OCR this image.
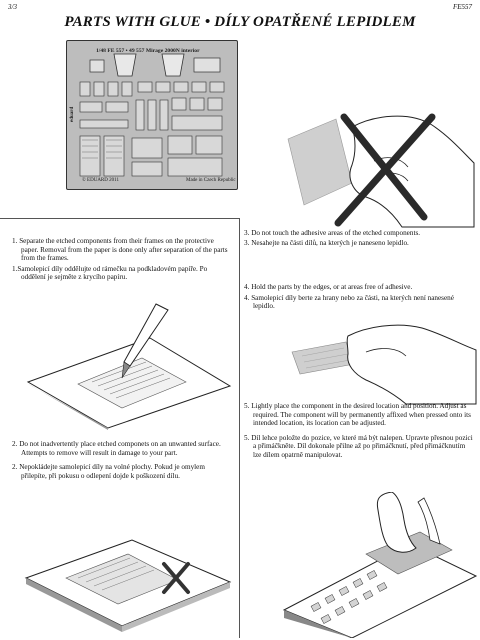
3/3	FE557
PARTS WITH GLUE • DÍLY OPATŘENÉ LEPIDLEM
1/48 FE 557 • 49 557 Mirage 2000N interior
eduard
© EDUARD 2011	Made in Czech Republic
1. Separate the etched components from their frames on the protective paper. Removal from the paper is done only after separation of the parts from the frames.
1.Samolepicí díly oddělujte od rámečku na podkladovém papíře. Po oddělení je sejměte z krycího papíru.
2. Do not inadvertently place etched componets on an unwanted surface. Attempts to remove will result in damage to your part.
2. Nepokládejte samolepicí díly na volné plochy. Pokud je omylem přilepíte, při pokusu o odlepení dojde k poškození dílu.
3. Do not touch the adhesive areas of the etched components.
3. Nesahejte na části dílů, na kterých je naneseno lepidlo.
4. Hold the parts by the edges, or at areas free of adhesive.
4. Samolepicí díly berte za hrany nebo za části, na kterých není nanesené lepidlo.
5. Lightly place the component in the desired location and position. Adjust as required. The component will by permanently affixed when pressed onto its intended location, its location can be adjusted.
5. Díl lehce položte do pozice, ve které má být nalepen. Upravte přesnou pozici a přimáčkněte. Díl dokonale přilne až po přimáčknutí, před přimáčknutím lze dílem opatrně manipulovat.
